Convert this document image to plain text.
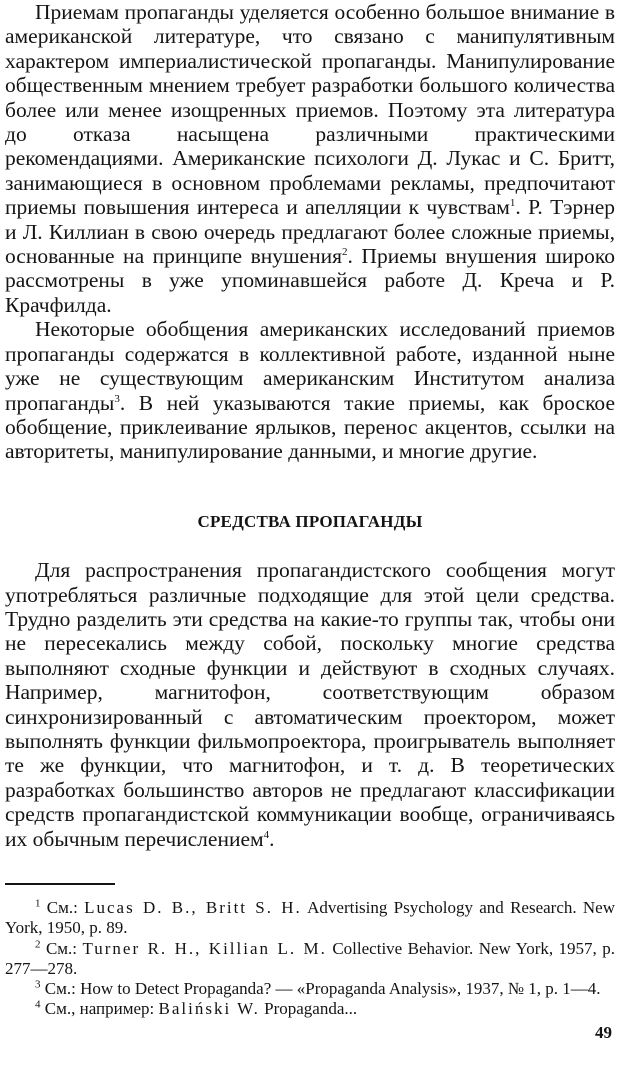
Приемам пропаганды уделяется особенно большое внимание в американской литературе, что связано с манипулятивным характером империалистической пропаганды. Манипулирование общественным мнением требует разработки большого количества более или менее изощренных приемов. Поэтому эта литература до отказа насыщена различными практическими рекомендациями. Американские психологи Д. Лукас и С. Бритт, занимающиеся в основном проблемами рекламы, предпочитают приемы повышения интереса и апелляции к чувствам$^1$. Р. Тэрнер и Л. Киллиан в свою очередь предлагают более сложные приемы, основанные на принципе внушения$^2$. Приемы внушения широко рассмотрены в уже упоминавшейся работе Д. Креча и Р. Крачфилда.

Некоторые обобщения американских исследований приемов пропаганды содержатся в коллективной работе, изданной ныне уже не существующим американским Институтом анализа пропаганды$^3$. В ней указываются такие приемы, как броское обобщение, приклеивание ярлыков, перенос акцентов, ссылки на авторитеты, манипулирование данными, и многие другие.

СРЕДСТВА ПРОПАГАНДЫ

Для распространения пропагандистского сообщения могут употребляться различные подходящие для этой цели средства. Трудно разделить эти средства на какие-то группы так, чтобы они не пересекались между собой, поскольку многие средства выполняют сходные функции и действуют в сходных случаях. Например, магнитофон, соответствующим образом синхронизированный с автоматическим проектором, может выполнять функции фильмопроектора, проигрыватель выполняет те же функции, что магнитофон, и т. д. В теоретических разработках большинство авторов не предлагают классификации средств пропагандистской коммуникации вообще, ограничиваясь их обычным перечислением$^4$.

$^1$ См.: Lucas D. B., Britt S. H. Advertising Psychology and Research. New York, 1950, p. 89.

$^2$ См.: Turner R. H., Killian L. M. Collective Behavior. New York, 1957, p. 277—278.

$^3$ См.: How to Detect Propaganda? — «Propaganda Analysis», 1937, № 1, p. 1—4.

$^4$ См., например: Baliński W. Propaganda...

49
